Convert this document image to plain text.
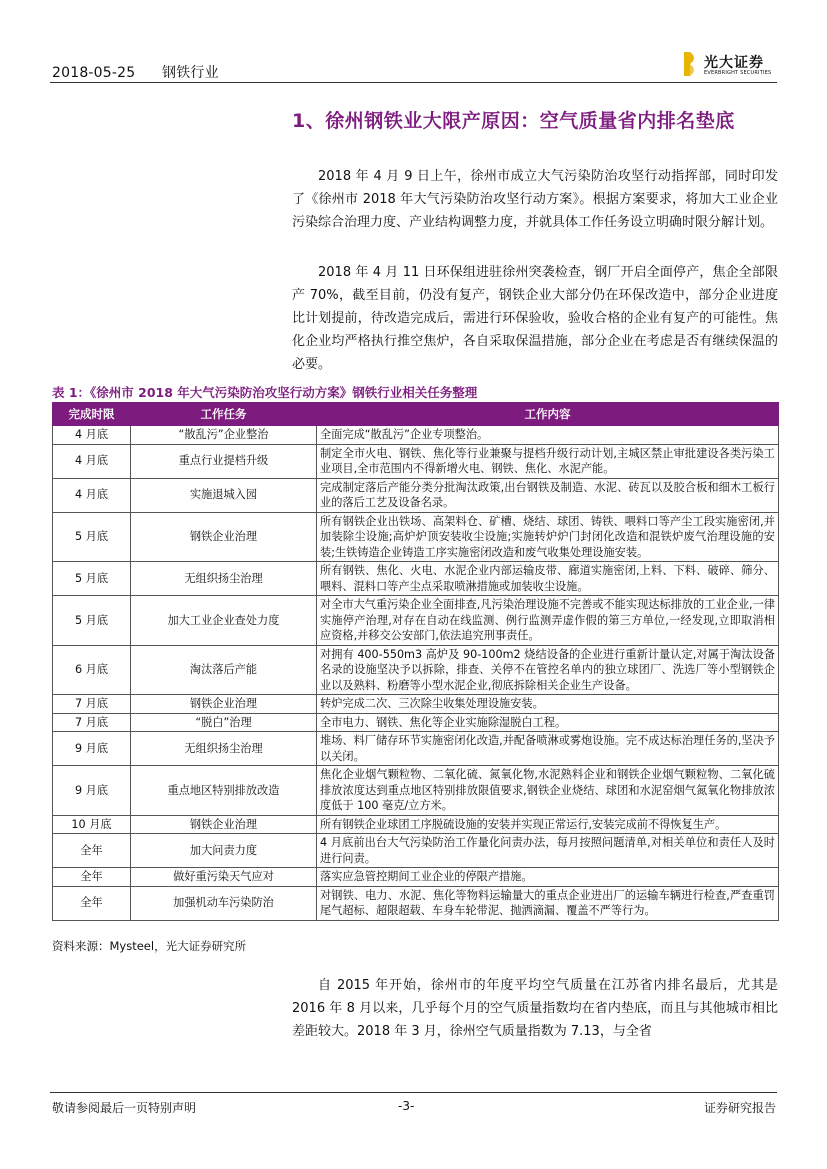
2018-05-25 钢铁行业
光大证券
EVERBRIGHT SECURITIES
1、徐州钢铁业大限产原因：空气质量省内排名垫底

2018 年 4 月 9 日上午，徐州市成立大气污染防治攻坚行动指挥部，同时印发了《徐州市 2018 年大气污染防治攻坚行动方案》。根据方案要求，将加大工业企业污染综合治理力度、产业结构调整力度，并就具体工作任务设立明确时限分解计划。

2018 年 4 月 11 日环保组进驻徐州突袭检查，钢厂开启全面停产，焦企全部限产 70%，截至目前，仍没有复产，钢铁企业大部分仍在环保改造中，部分企业进度比计划提前，待改造完成后，需进行环保验收，验收合格的企业有复产的可能性。焦化企业均严格执行推空焦炉，各自采取保温措施，部分企业在考虑是否有继续保温的必要。

表 1：《徐州市 2018 年大气污染防治攻坚行动方案》钢铁行业相关任务整理
完成时限	工作任务	工作内容
4 月底	“散乱污”企业整治	全面完成“散乱污”企业专项整治。
4 月底	重点行业提档升级	制定全市火电、钢铁、焦化等行业兼聚与提档升级行动计划,主城区禁止审批建设各类污染工业项目,全市范围内不得新增火电、钢铁、焦化、水泥产能。
4 月底	实施退城入园	完成制定落后产能分类分批淘汰政策,出台钢铁及制造、水泥、砖瓦以及胶合板和细木工板行业的落后工艺及设备名录。
5 月底	钢铁企业治理	所有钢铁企业出铁场、高架料仓、矿槽、烧结、球团、铸铁、喂料口等产尘工段实施密闭,并加装除尘设施;高炉炉顶安装收尘设施;实施转炉炉门封闭化改造和混铁炉废气治理设施的安装;生铁铸造企业铸造工序实施密闭改造和废气收集处理设施安装。
5 月底	无组织扬尘治理	所有钢铁、焦化、火电、水泥企业内部运输皮带、廊道实施密闭,上料、下料、破碎、筛分、喂料、混料口等产尘点采取喷淋措施或加装收尘设施。
5 月底	加大工业企业查处力度	对全市大气重污染企业全面排查,凡污染治理设施不完善或不能实现达标排放的工业企业,一律实施停产治理,对存在自动在线监测、例行监测弄虚作假的第三方单位,一经发现,立即取消相应资格,并移交公安部门,依法追究刑事责任。
6 月底	淘汰落后产能	对拥有 400-550m3 高炉及 90-100m2 烧结设备的企业进行重新计量认定,对属于淘汰设备名录的设施坚决予以拆除，排查、关停不在管控名单内的独立球团厂、洗选厂等小型钢铁企业以及熟料、粉磨等小型水泥企业,彻底拆除相关企业生产设备。
7 月底	钢铁企业治理	转炉完成二次、三次除尘收集处理设施安装。
7 月底	“脱白”治理	全市电力、钢铁、焦化等企业实施除湿脱白工程。
9 月底	无组织扬尘治理	堆场、料厂储存环节实施密闭化改造,并配备喷淋或雾炮设施。完不成达标治理任务的,坚决予以关闭。
9 月底	重点地区特别排放改造	焦化企业烟气颗粒物、二氧化硫、氮氧化物,水泥熟料企业和钢铁企业烟气颗粒物、二氧化硫排放浓度达到重点地区特别排放限值要求,钢铁企业烧结、球团和水泥窑烟气氮氧化物排放浓度低于 100 毫克/立方米。
10 月底	钢铁企业治理	所有钢铁企业球团工序脱硫设施的安装并实现正常运行,安装完成前不得恢复生产。
全年	加大问责力度	4 月底前出台大气污染防治工作量化问责办法，每月按照问题清单,对相关单位和责任人及时进行问责。
全年	做好重污染天气应对	落实应急管控期间工业企业的停限产措施。
全年	加强机动车污染防治	对钢铁、电力、水泥、焦化等物料运输量大的重点企业进出厂的运输车辆进行检查,严查重罚尾气超标、超限超载、车身车轮带泥、抛洒滴漏、覆盖不严等行为。
资料来源：Mysteel，光大证券研究所

自 2015 年开始，徐州市的年度平均空气质量在江苏省内排名最后，尤其是 2016 年 8 月以来，几乎每个月的空气质量指数均在省内垫底，而且与其他城市相比差距较大。2018 年 3 月，徐州空气质量指数为 7.13，与全省

敬请参阅最后一页特别声明	-3-	证券研究报告
